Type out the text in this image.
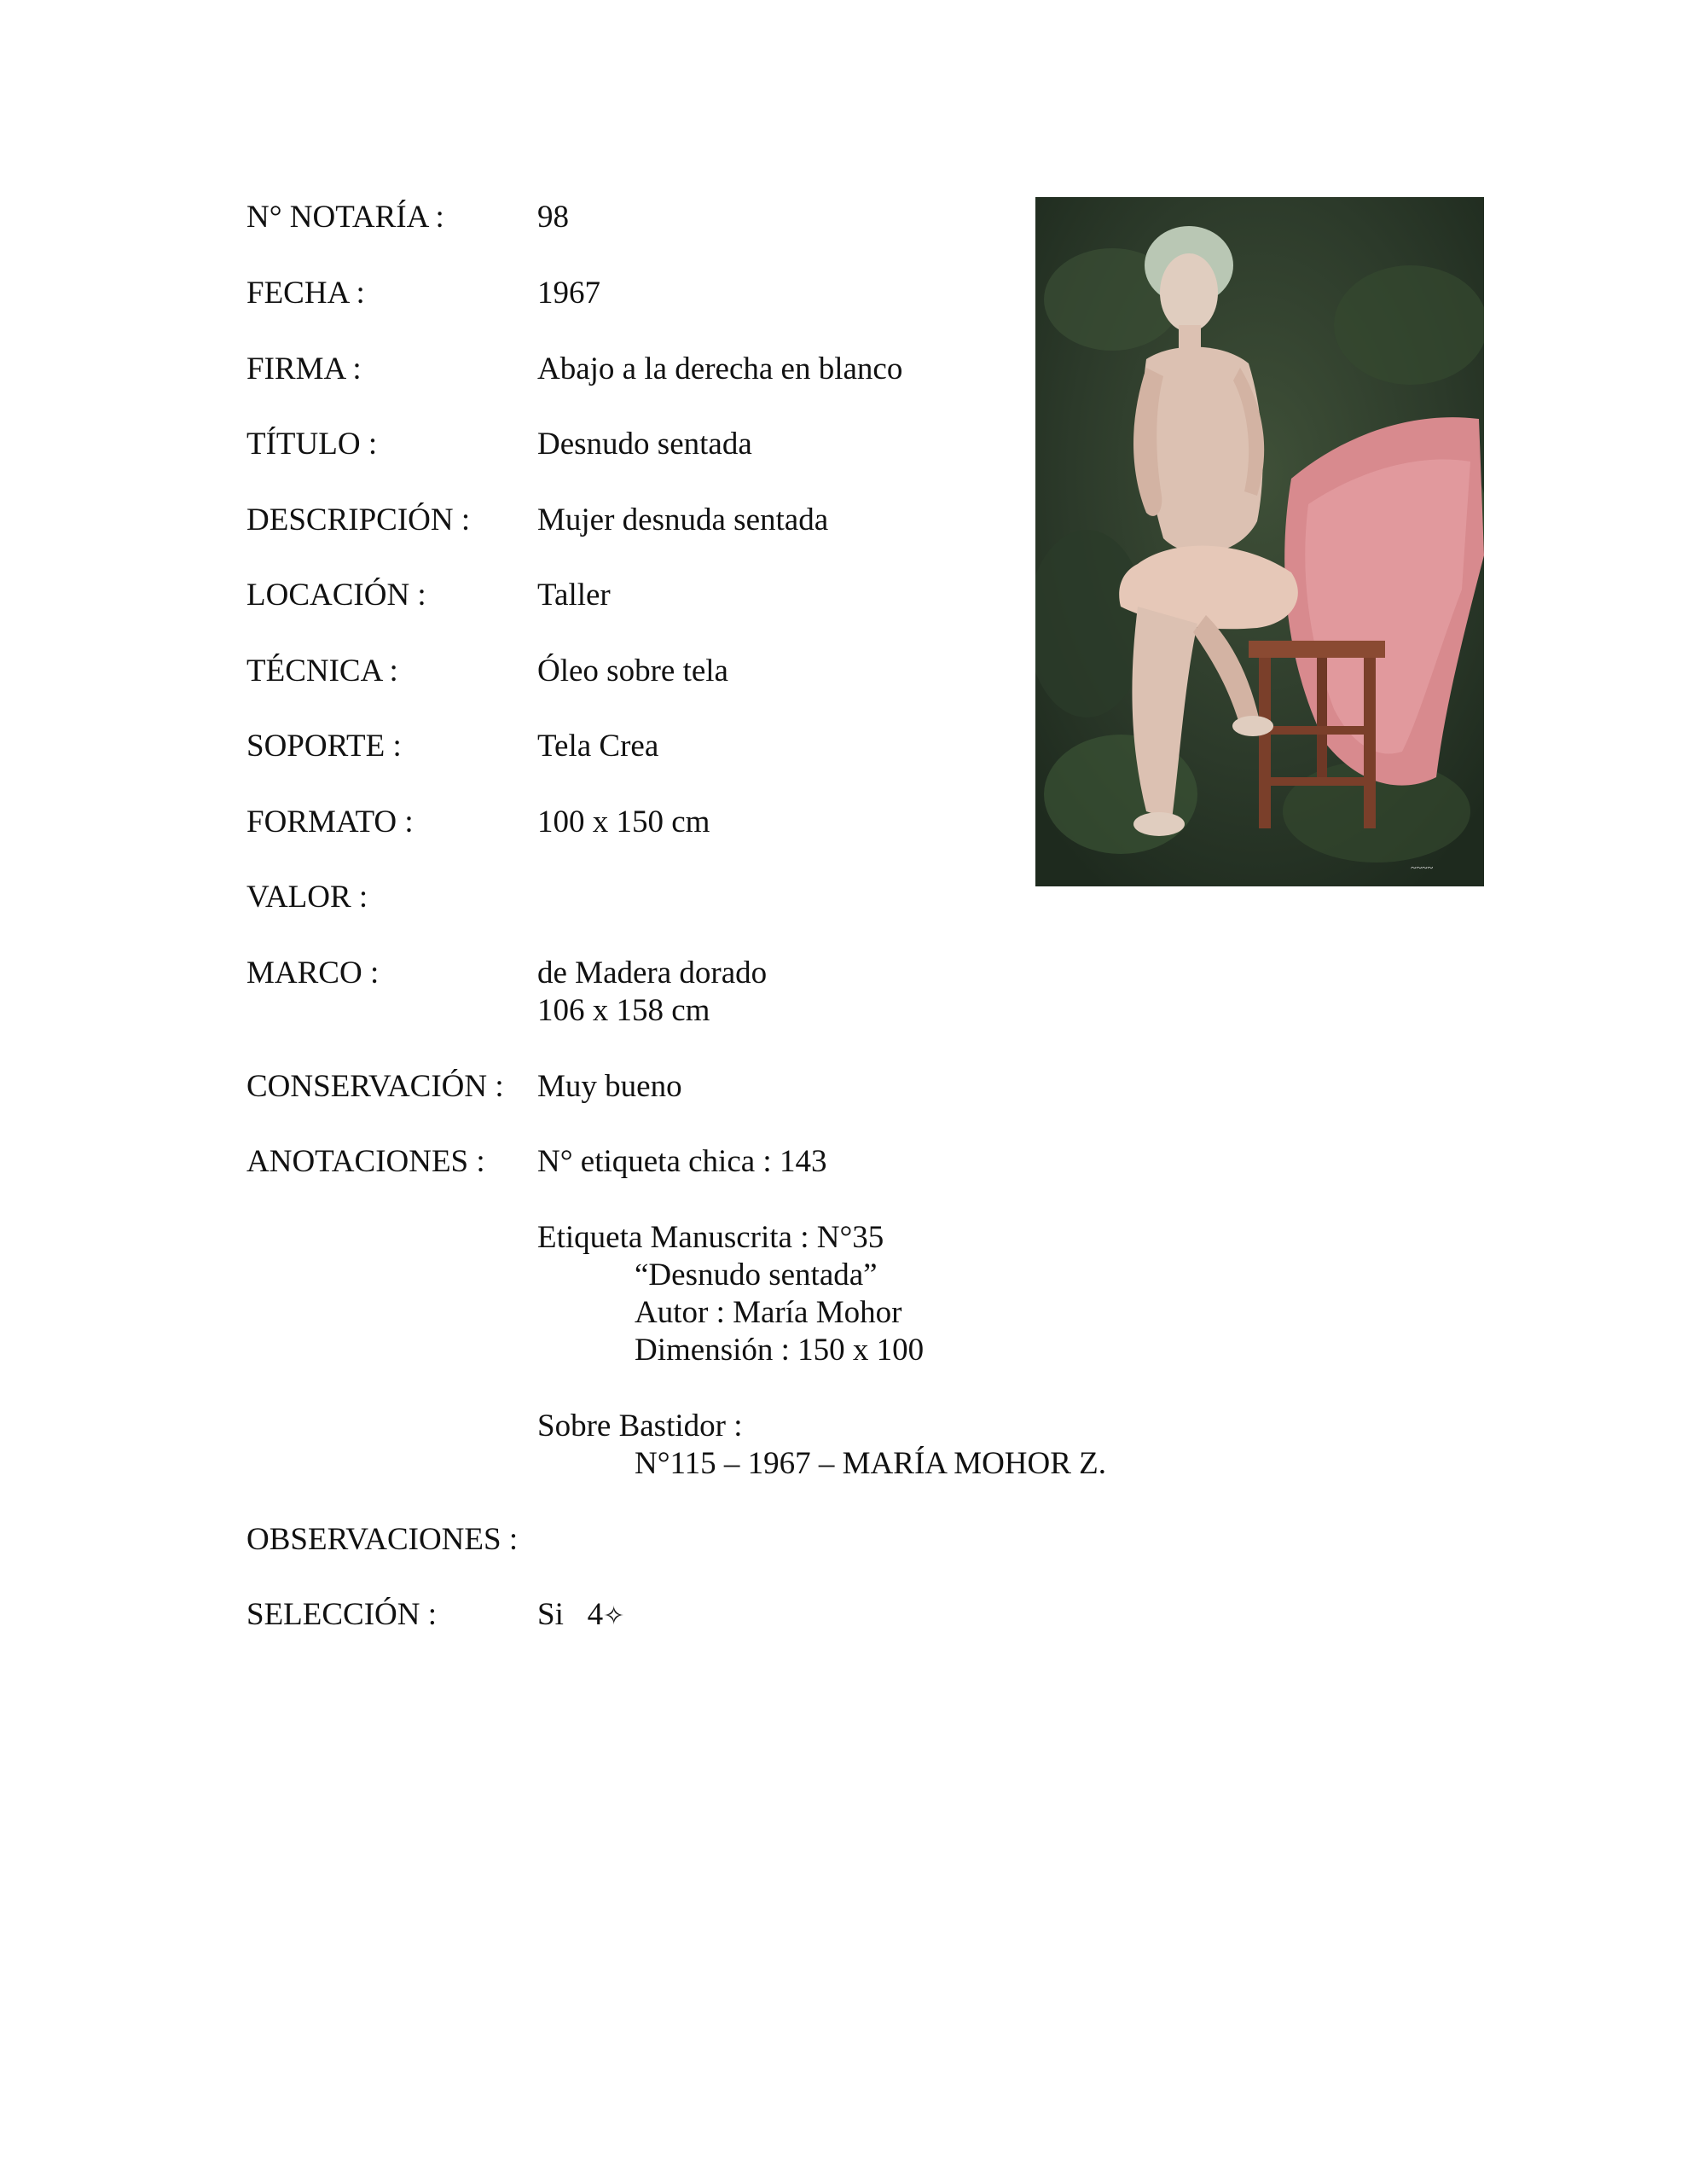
N° NOTARÍA :	98
FECHA :	1967
FIRMA :	Abajo a la derecha en blanco
TÍTULO :	Desnudo sentada
DESCRIPCIÓN : Mujer desnuda sentada
LOCACIÓN :	Taller
TÉCNICA :	Óleo sobre tela
SOPORTE :	Tela Crea
FORMATO :	100 x 150 cm
VALOR :
MARCO :	de Madera dorado
106 x 158 cm
CONSERVACIÓN : Muy bueno
ANOTACIONES : N° etiqueta chica : 143
Etiqueta Manuscrita : N°35
“Desnudo sentada”
Autor : María Mohor
Dimensión : 150 x 100
Sobre Bastidor :
N°115 – 1967 – MARÍA MOHOR Z.
OBSERVACIONES :
SELECCIÓN :	Si   4✧
~~~~
